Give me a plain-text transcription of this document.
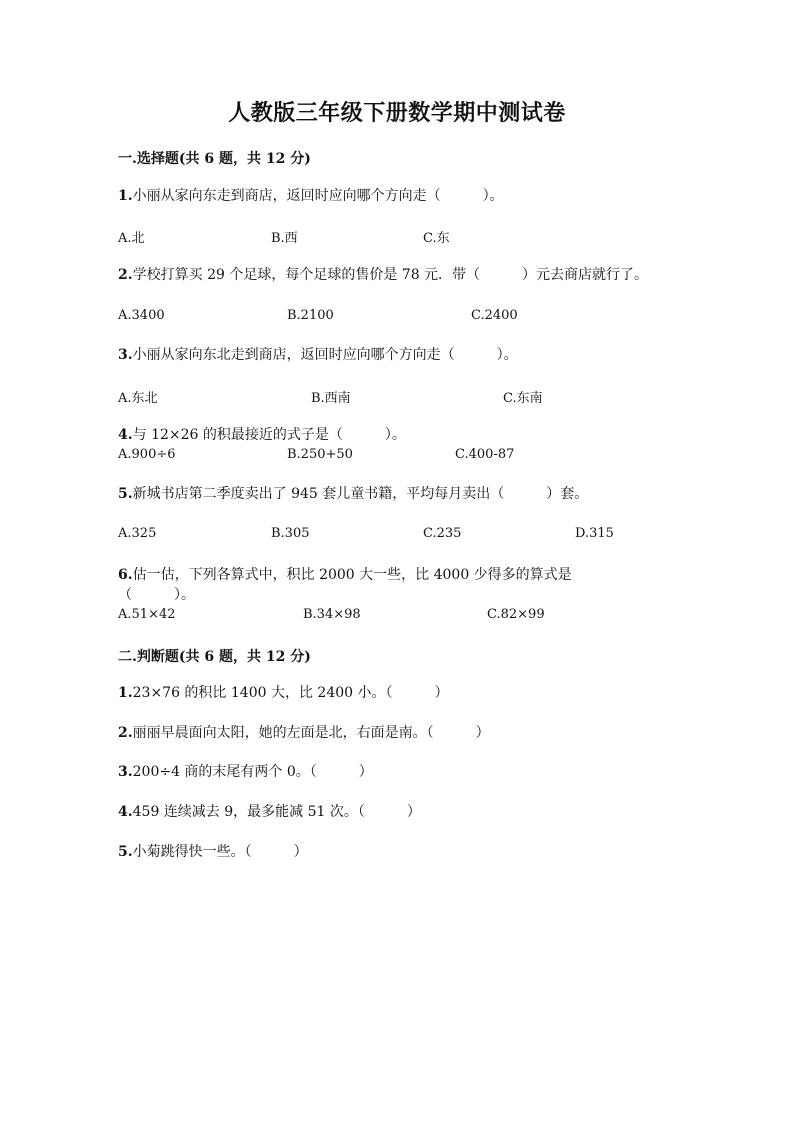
人教版三年级下册数学期中测试卷
一.选择题(共 6 题，共 12 分)
1.小丽从家向东走到商店，返回时应向哪个方向走（　　　）。
A.北	B.西	C.东
2.学校打算买 29 个足球，每个足球的售价是 78 元．带（　　　）元去商店就行了。
A.3400	B.2100	C.2400
3.小丽从家向东北走到商店，返回时应向哪个方向走（　　　）。
A.东北	B.西南	C.东南
4.与 12×26 的积最接近的式子是（　　　）。
A.900÷6	B.250+50	C.400-87
5.新城书店第二季度卖出了 945 套儿童书籍，平均每月卖出（　　　）套。
A.325	B.305	C.235	D.315
6.估一估，下列各算式中，积比 2000 大一些，比 4000 少得多的算式是（　　　）。
A.51×42	B.34×98	C.82×99
二.判断题(共 6 题，共 12 分)
1.23×76 的积比 1400 大，比 2400 小。（　　　）
2.丽丽早晨面向太阳，她的左面是北，右面是南。（　　　）
3.200÷4 商的末尾有两个 0。（　　　）
4.459 连续减去 9，最多能减 51 次。（　　　）
5.小菊跳得快一些。（　　　）
